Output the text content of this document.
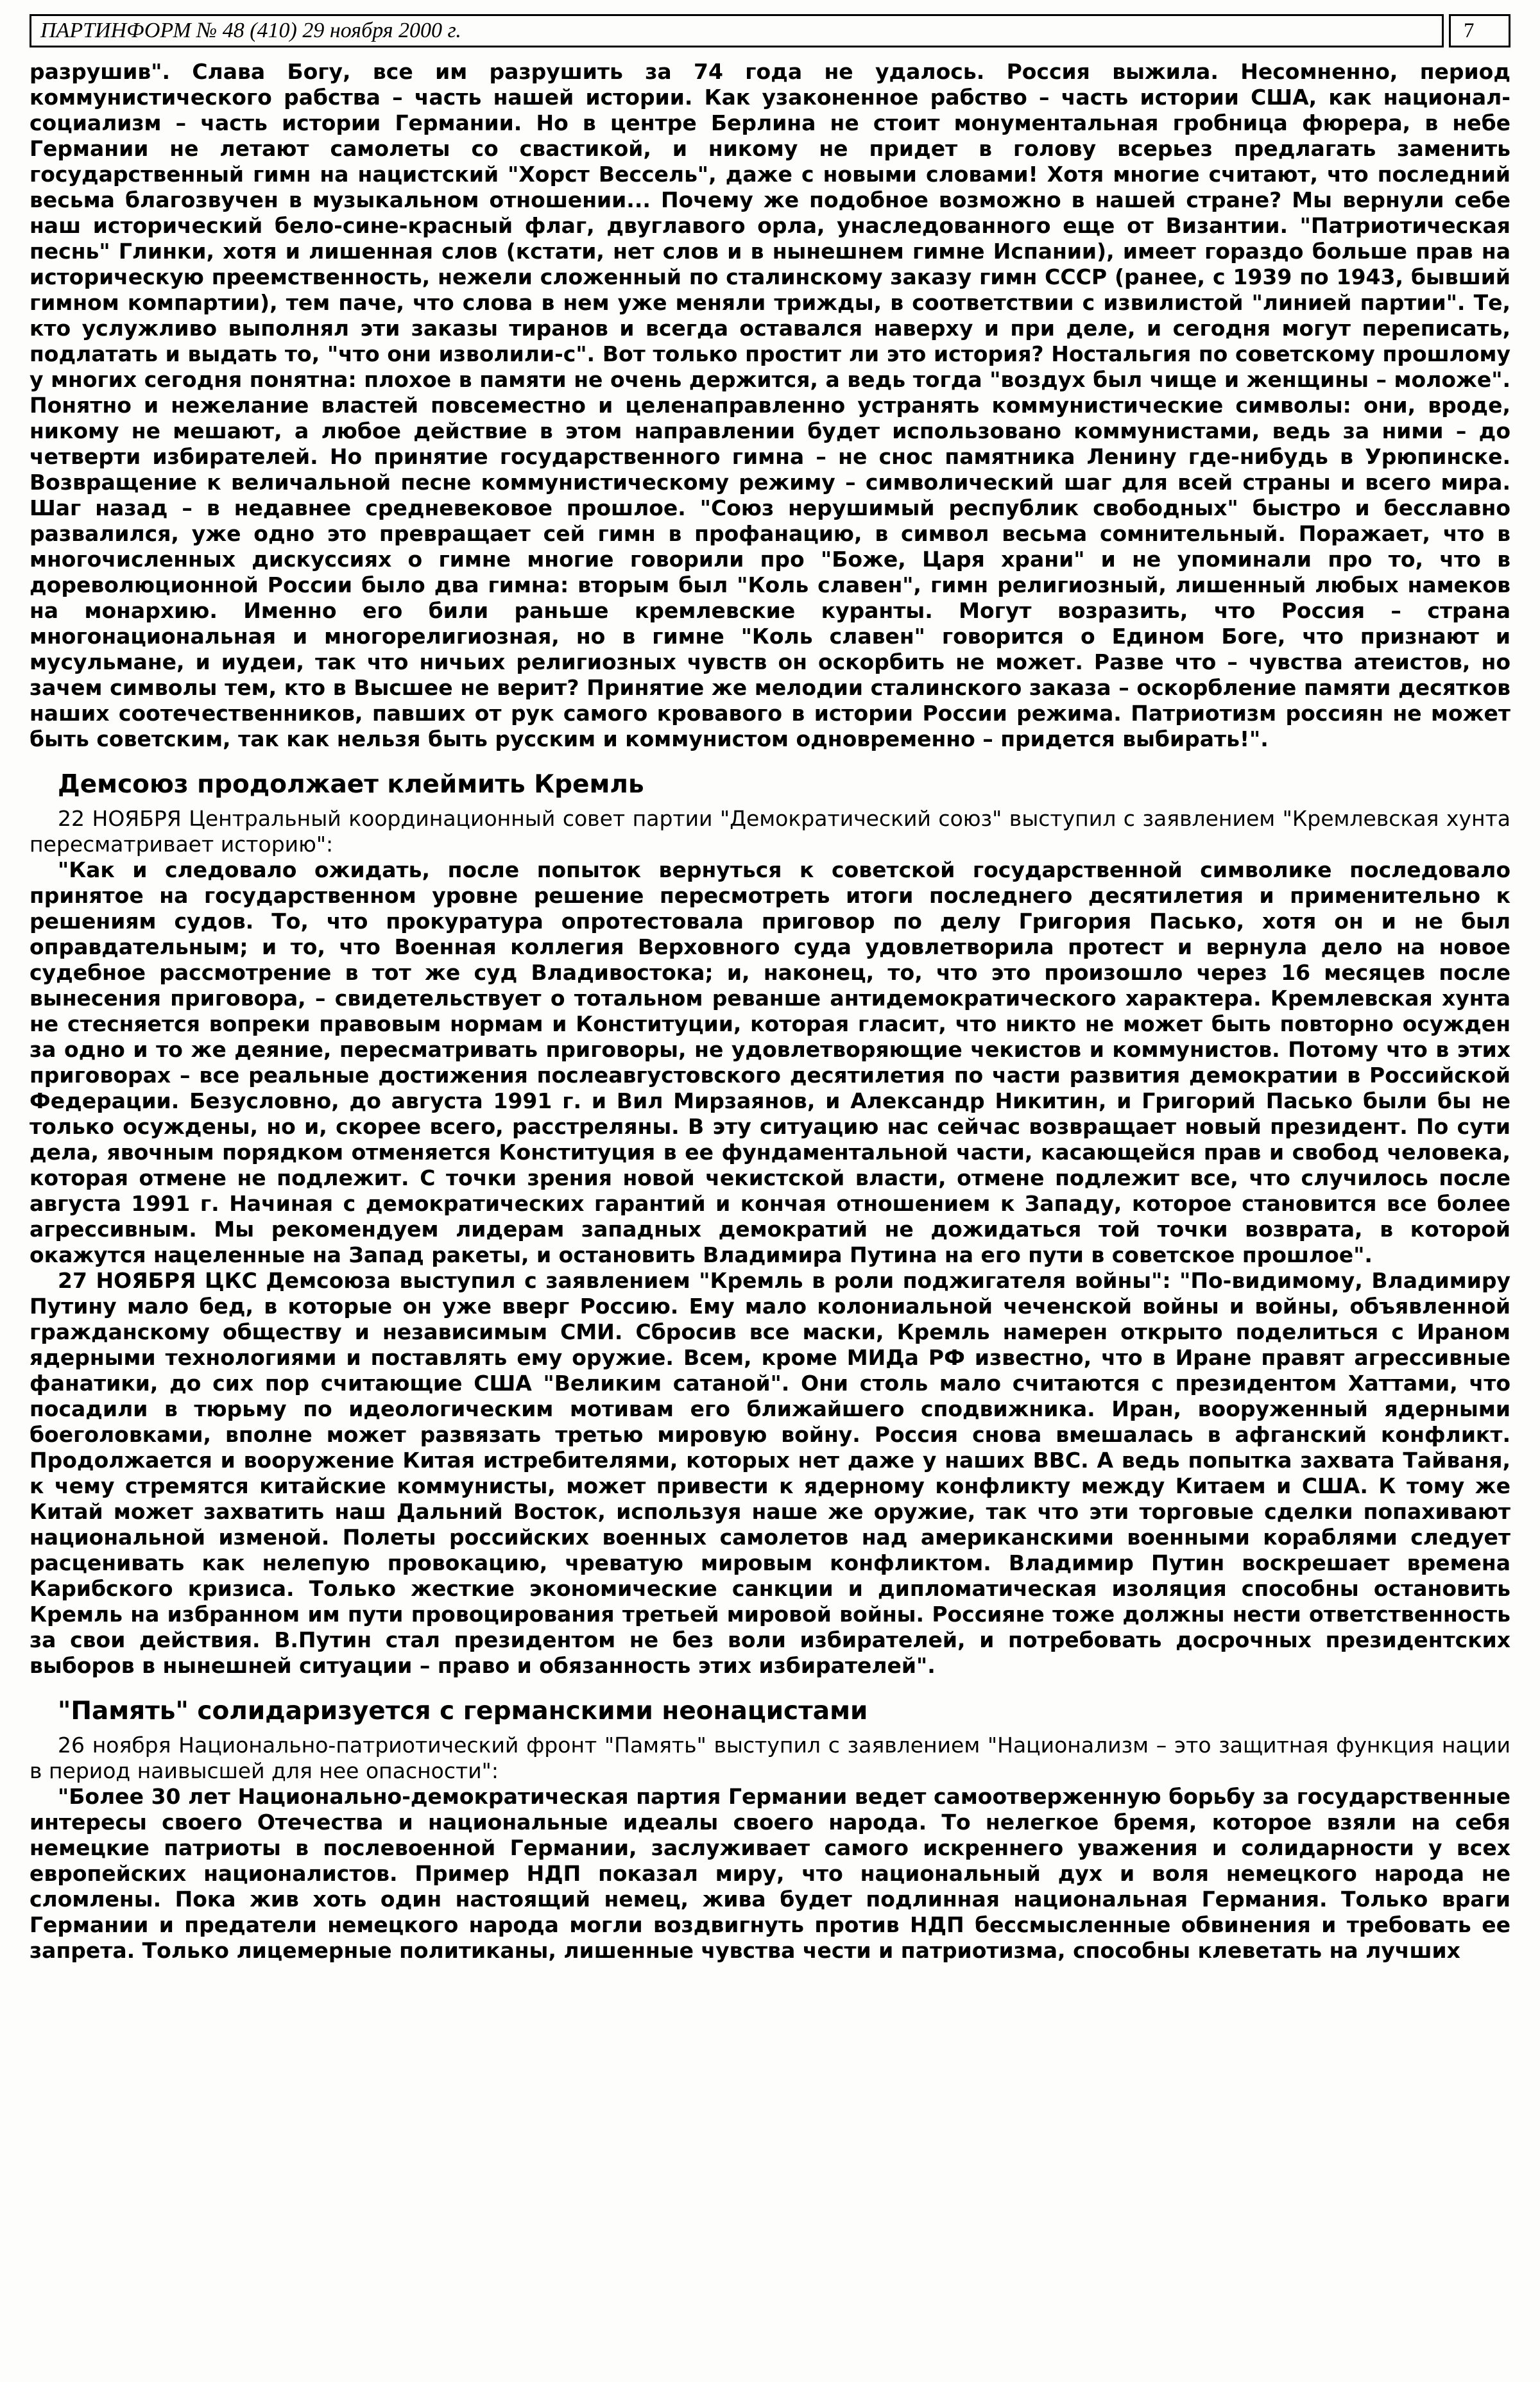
ПАРТИНФОРМ № 48 (410) 29 ноября 2000 г.	7

разрушив". Слава Богу, все им разрушить за 74 года не удалось. Россия выжила. Несомненно, период коммунистического рабства – часть нашей истории. Как узаконенное рабство – часть истории США, как национал-социализм – часть истории Германии. Но в центре Берлина не стоит монументальная гробница фюрера, в небе Германии не летают самолеты со свастикой, и никому не придет в голову всерьез предлагать заменить государственный гимн на нацистский "Хорст Вессель", даже с новыми словами! Хотя многие считают, что последний весьма благозвучен в музыкальном отношении... Почему же подобное возможно в нашей стране? Мы вернули себе наш исторический бело-сине-красный флаг, двуглавого орла, унаследованного еще от Византии. "Патриотическая песнь" Глинки, хотя и лишенная слов (кстати, нет слов и в нынешнем гимне Испании), имеет гораздо больше прав на историческую преемственность, нежели сложенный по сталинскому заказу гимн СССР (ранее, с 1939 по 1943, бывший гимном компартии), тем паче, что слова в нем уже меняли трижды, в соответствии с извилистой "линией партии". Те, кто услужливо выполнял эти заказы тиранов и всегда оставался наверху и при деле, и сегодня могут переписать, подлатать и выдать то, "что они изволили-с". Вот только простит ли это история? Ностальгия по советскому прошлому у многих сегодня понятна: плохое в памяти не очень держится, а ведь тогда "воздух был чище и женщины – моложе". Понятно и нежелание властей повсеместно и целенаправленно устранять коммунистические символы: они, вроде, никому не мешают, а любое действие в этом направлении будет использовано коммунистами, ведь за ними – до четверти избирателей. Но принятие государственного гимна – не снос памятника Ленину где-нибудь в Урюпинске. Возвращение к величальной песне коммунистическому режиму – символический шаг для всей страны и всего мира. Шаг назад – в недавнее средневековое прошлое. "Союз нерушимый республик свободных" быстро и бесславно развалился, уже одно это превращает сей гимн в профанацию, в символ весьма сомнительный. Поражает, что в многочисленных дискуссиях о гимне многие говорили про "Боже, Царя храни" и не упоминали про то, что в дореволюционной России было два гимна: вторым был "Коль славен", гимн религиозный, лишенный любых намеков на монархию. Именно его били раньше кремлевские куранты. Могут возразить, что Россия – страна многонациональная и многорелигиозная, но в гимне "Коль славен" говорится о Едином Боге, что признают и мусульмане, и иудеи, так что ничьих религиозных чувств он оскорбить не может. Разве что – чувства атеистов, но зачем символы тем, кто в Высшее не верит? Принятие же мелодии сталинского заказа – оскорбление памяти десятков наших соотечественников, павших от рук самого кровавого в истории России режима. Патриотизм россиян не может быть советским, так как нельзя быть русским и коммунистом одновременно – придется выбирать!".

Демсоюз продолжает клеймить Кремль

22 НОЯБРЯ Центральный координационный совет партии "Демократический союз" выступил с заявлением "Кремлевская хунта пересматривает историю":

"Как и следовало ожидать, после попыток вернуться к советской государственной символике последовало принятое на государственном уровне решение пересмотреть итоги последнего десятилетия и применительно к решениям судов. То, что прокуратура опротестовала приговор по делу Григория Пасько, хотя он и не был оправдательным; и то, что Военная коллегия Верховного суда удовлетворила протест и вернула дело на новое судебное рассмотрение в тот же суд Владивостока; и, наконец, то, что это произошло через 16 месяцев после вынесения приговора, – свидетельствует о тотальном реванше антидемократического характера. Кремлевская хунта не стесняется вопреки правовым нормам и Конституции, которая гласит, что никто не может быть повторно осужден за одно и то же деяние, пересматривать приговоры, не удовлетворяющие чекистов и коммунистов. Потому что в этих приговорах – все реальные достижения послеавгустовского десятилетия по части развития демократии в Российской Федерации. Безусловно, до августа 1991 г. и Вил Мирзаянов, и Александр Никитин, и Григорий Пасько были бы не только осуждены, но и, скорее всего, расстреляны. В эту ситуацию нас сейчас возвращает новый президент. По сути дела, явочным порядком отменяется Конституция в ее фундаментальной части, касающейся прав и свобод человека, которая отмене не подлежит. С точки зрения новой чекистской власти, отмене подлежит все, что случилось после августа 1991 г. Начиная с демократических гарантий и кончая отношением к Западу, которое становится все более агрессивным. Мы рекомендуем лидерам западных демократий не дожидаться той точки возврата, в которой окажутся нацеленные на Запад ракеты, и остановить Владимира Путина на его пути в советское прошлое".

27 НОЯБРЯ ЦКС Демсоюза выступил с заявлением "Кремль в роли поджигателя войны": "По-видимому, Владимиру Путину мало бед, в которые он уже вверг Россию. Ему мало колониальной чеченской войны и войны, объявленной гражданскому обществу и независимым СМИ. Сбросив все маски, Кремль намерен открыто поделиться с Ираном ядерными технологиями и поставлять ему оружие. Всем, кроме МИДа РФ известно, что в Иране правят агрессивные фанатики, до сих пор считающие США "Великим сатаной". Они столь мало считаются с президентом Хаттами, что посадили в тюрьму по идеологическим мотивам его ближайшего сподвижника. Иран, вооруженный ядерными боеголовками, вполне может развязать третью мировую войну. Россия снова вмешалась в афганский конфликт. Продолжается и вооружение Китая истребителями, которых нет даже у наших ВВС. А ведь попытка захвата Тайваня, к чему стремятся китайские коммунисты, может привести к ядерному конфликту между Китаем и США. К тому же Китай может захватить наш Дальний Восток, используя наше же оружие, так что эти торговые сделки попахивают национальной изменой. Полеты российских военных самолетов над американскими военными кораблями следует расценивать как нелепую провокацию, чреватую мировым конфликтом. Владимир Путин воскрешает времена Карибского кризиса. Только жесткие экономические санкции и дипломатическая изоляция способны остановить Кремль на избранном им пути провоцирования третьей мировой войны. Россияне тоже должны нести ответственность за свои действия. В.Путин стал президентом не без воли избирателей, и потребовать досрочных президентских выборов в нынешней ситуации – право и обязанность этих избирателей".

"Память" солидаризуется с германскими неонацистами

26 ноября Национально-патриотический фронт "Память" выступил с заявлением "Национализм – это защитная функция нации в период наивысшей для нее опасности":

"Более 30 лет Национально-демократическая партия Германии ведет самоотверженную борьбу за государственные интересы своего Отечества и национальные идеалы своего народа. То нелегкое бремя, которое взяли на себя немецкие патриоты в послевоенной Германии, заслуживает самого искреннего уважения и солидарности у всех европейских националистов. Пример НДП показал миру, что национальный дух и воля немецкого народа не сломлены. Пока жив хоть один настоящий немец, жива будет подлинная национальная Германия. Только враги Германии и предатели немецкого народа могли воздвигнуть против НДП бессмысленные обвинения и требовать ее запрета. Только лицемерные политиканы, лишенные чувства чести и патриотизма, способны клеветать на лучших
